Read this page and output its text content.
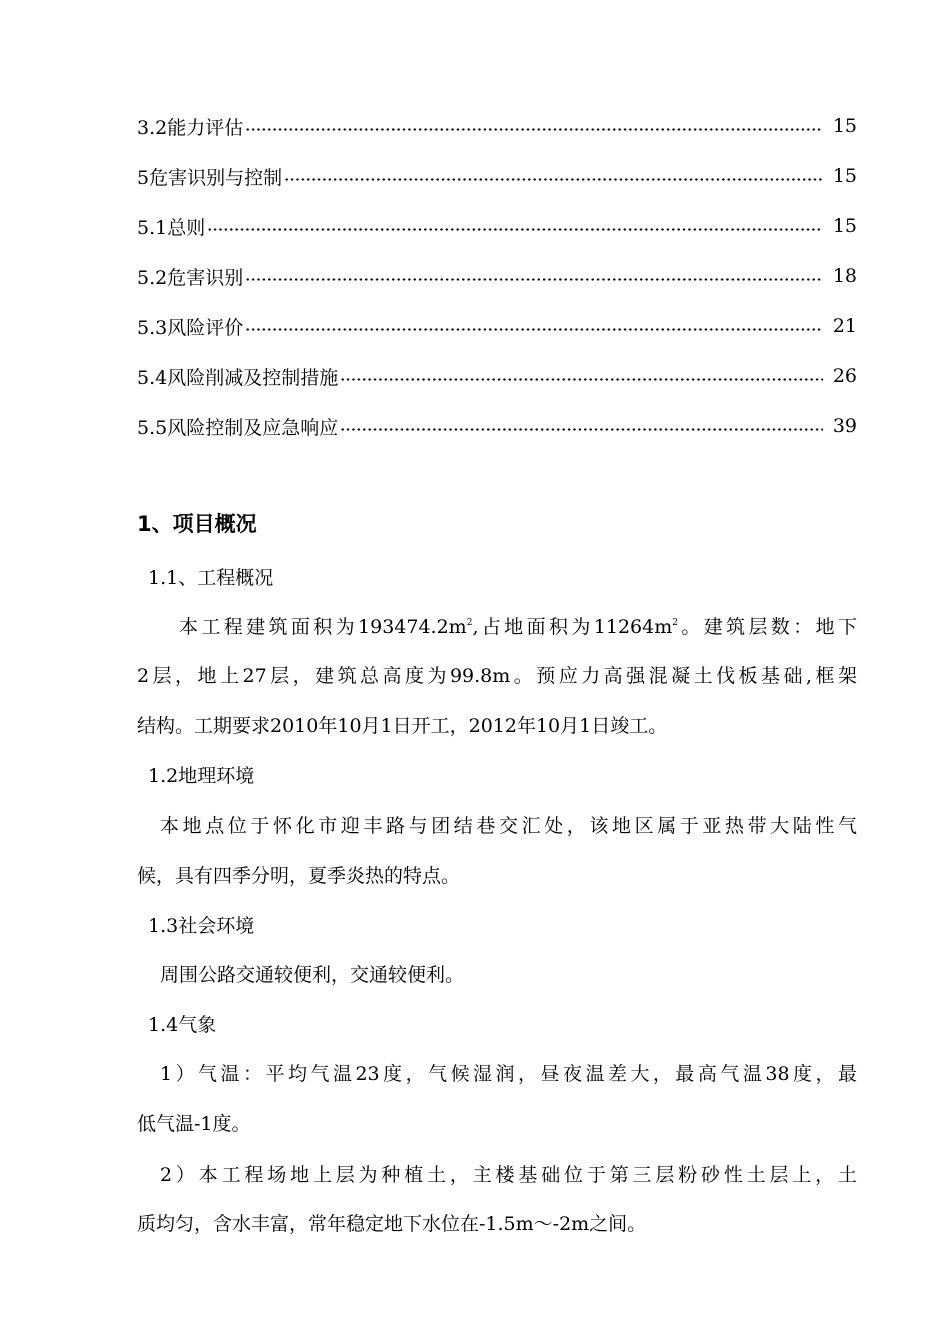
3.2能力评估	15
5危害识别与控制	15
5.1总则	15
5.2危害识别	18
5.3风险评价	21
5.4风险削减及控制措施	26
5.5风险控制及应急响应	39
1、项目概况
1.1、工程概况
本工程建筑面积为$193474.2m^2$,占地面积为$11264m^2$。建筑层数：地下
2层，地上27层，建筑总高度为99.8m。预应力高强混凝土伐板基础,框架
结构。工期要求2010年10月1日开工，2012年10月1日竣工。
1.2地理环境
本地点位于怀化市迎丰路与团结巷交汇处，该地区属于亚热带大陆性气
候，具有四季分明，夏季炎热的特点。
1.3社会环境
周围公路交通较便利，交通较便利。
1.4气象
1）气温：平均气温23度，气候湿润，昼夜温差大，最高气温38度，最
低气温-1度。
2）本工程场地上层为种植土，主楼基础位于第三层粉砂性土层上，土
质均匀，含水丰富，常年稳定地下水位在-1.5m～-2m之间。
